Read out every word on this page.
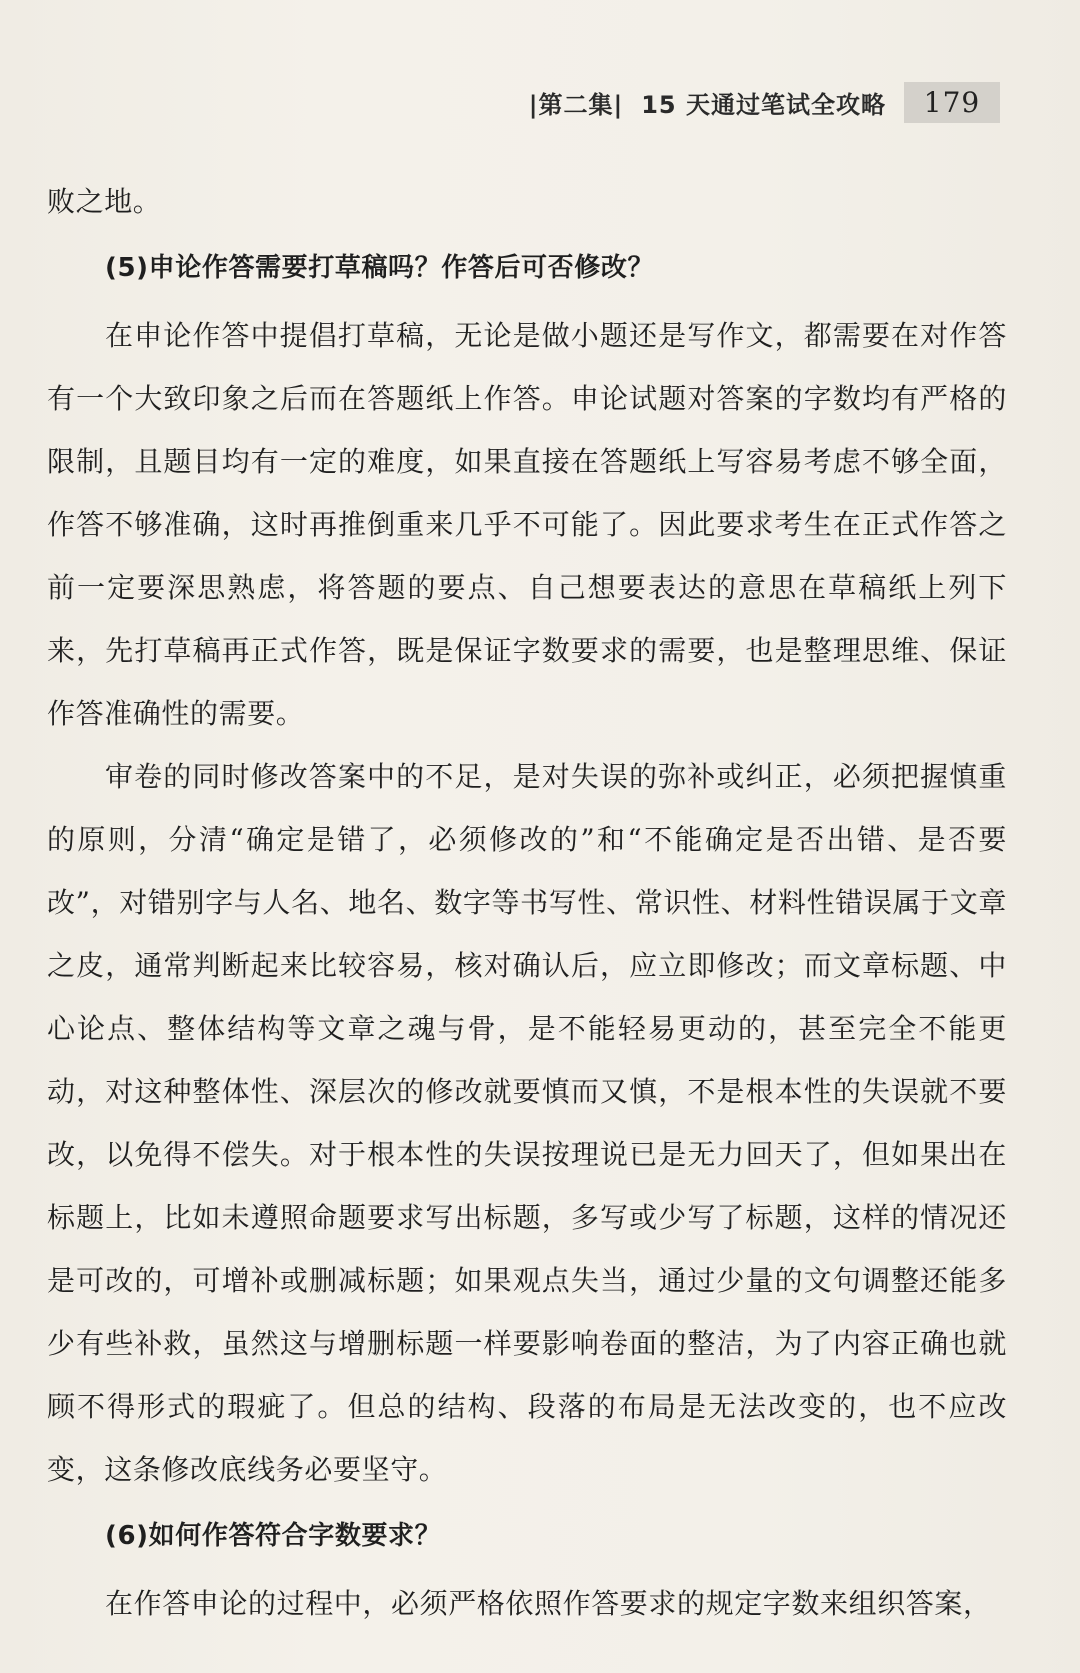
|第二集| 15 天通过笔试全攻略	179

败之地。

(5)申论作答需要打草稿吗？作答后可否修改？

在申论作答中提倡打草稿，无论是做小题还是写作文，都需要在对作答有一个大致印象之后而在答题纸上作答。申论试题对答案的字数均有严格的限制，且题目均有一定的难度，如果直接在答题纸上写容易考虑不够全面，作答不够准确，这时再推倒重来几乎不可能了。因此要求考生在正式作答之前一定要深思熟虑，将答题的要点、自己想要表达的意思在草稿纸上列下来，先打草稿再正式作答，既是保证字数要求的需要，也是整理思维、保证作答准确性的需要。

审卷的同时修改答案中的不足，是对失误的弥补或纠正，必须把握慎重的原则，分清“确定是错了，必须修改的”和“不能确定是否出错、是否要改”，对错别字与人名、地名、数字等书写性、常识性、材料性错误属于文章之皮，通常判断起来比较容易，核对确认后，应立即修改；而文章标题、中心论点、整体结构等文章之魂与骨，是不能轻易更动的，甚至完全不能更动，对这种整体性、深层次的修改就要慎而又慎，不是根本性的失误就不要改，以免得不偿失。对于根本性的失误按理说已是无力回天了，但如果出在标题上，比如未遵照命题要求写出标题，多写或少写了标题，这样的情况还是可改的，可增补或删减标题；如果观点失当，通过少量的文句调整还能多少有些补救，虽然这与增删标题一样要影响卷面的整洁，为了内容正确也就顾不得形式的瑕疵了。但总的结构、段落的布局是无法改变的，也不应改变，这条修改底线务必要坚守。

(6)如何作答符合字数要求？

在作答申论的过程中，必须严格依照作答要求的规定字数来组织答案，
